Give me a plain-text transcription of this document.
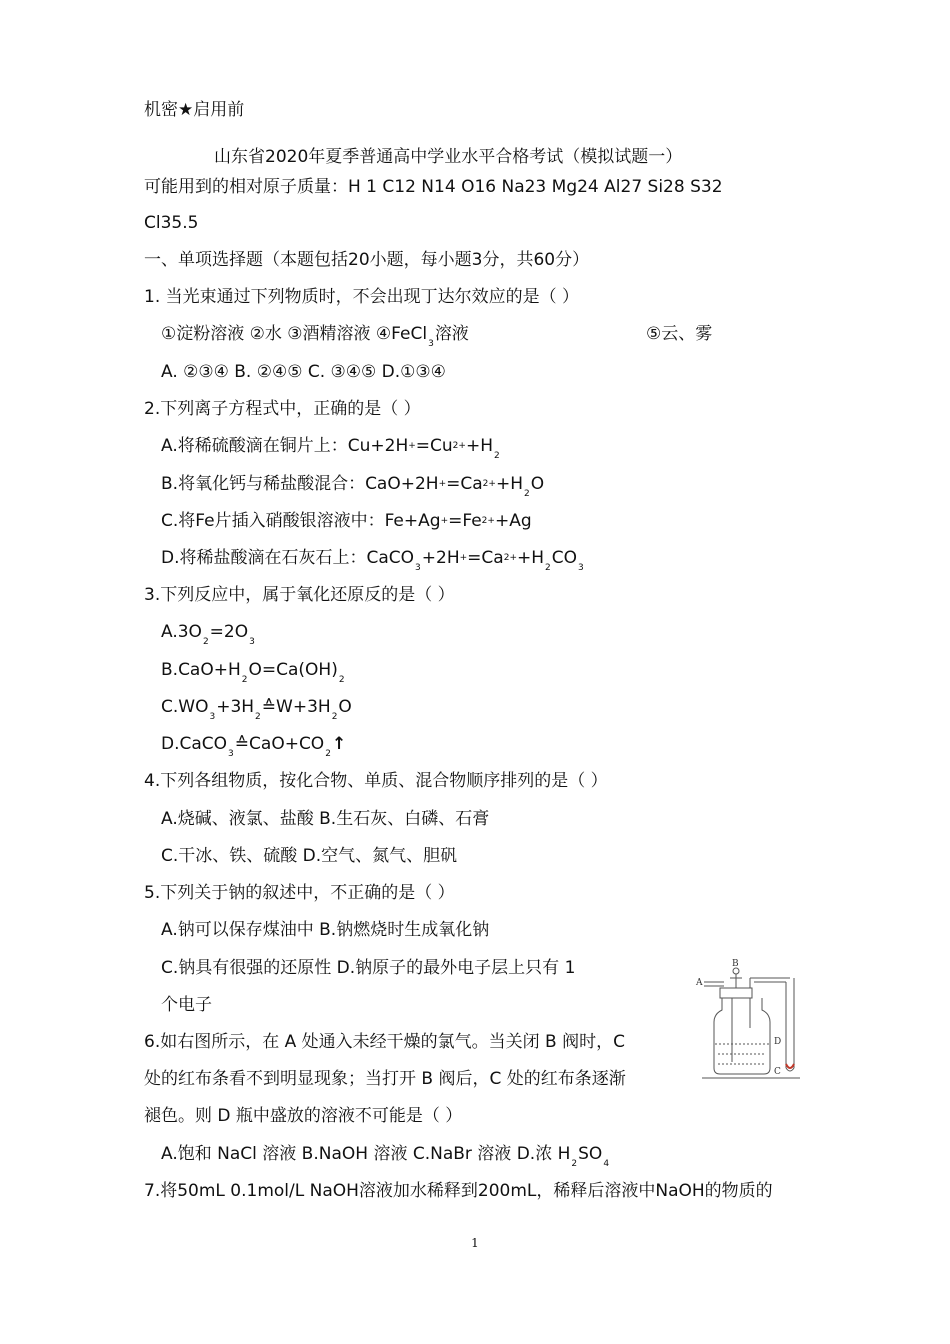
机密★启用前
山东省2020年夏季普通高中学业水平合格考试（模拟试题一）
可能用到的相对原子质量：H 1 C12 N14 O16 Na23 Mg24 Al27 Si28 S32
Cl35.5
一、单项选择题（本题包括20小题，每小题3分，共60分）
1. 当光束通过下列物质时，不会出现丁达尔效应的是（ ）
①淀粉溶液 ②水 ③酒精溶液 ④FeCl$_3$溶液	⑤云、雾
A. ②③④ B. ②④⑤ C. ③④⑤ D.①③④
2.下列离子方程式中，正确的是（ ）
A.将稀硫酸滴在铜片上：$Cu+2H+=Cu2++H_2$
B.将氧化钙与稀盐酸混合：$CaO+2H+=Ca2++H_2O$
C.将Fe片插入硝酸银溶液中：Fe+Ag+=Fe2++Ag
D.将稀盐酸滴在石灰石上：$CaCO_3+2H+=Ca2++H_2CO_3$
3.下列反应中，属于氧化还原反的是（ ）
$A.3O_2=2O_3$
$B.CaO+H_2O=Ca(OH)_2$
$C.WO_3+3H_2≙W+3H_2O$
$D.CaCO_3≙CaO+CO_2↑$
4.下列各组物质，按化合物、单质、混合物顺序排列的是（ ）
A.烧碱、液氯、盐酸 B.生石灰、白磷、石膏
C.干冰、铁、硫酸 D.空气、氮气、胆矾
5.下列关于钠的叙述中，不正确的是（ ）
A.钠可以保存煤油中 B.钠燃烧时生成氧化钠
C.钠具有很强的还原性 D.钠原子的最外电子层上只有 1
个电子
6.如右图所示，在 A 处通入未经干燥的氯气。当关闭 B 阀时，C
处的红布条看不到明显现象；当打开 B 阀后，C 处的红布条逐渐
褪色。则 D 瓶中盛放的溶液不可能是（ ）
A.饱和 NaCl 溶液 B.NaOH 溶液 C.NaBr 溶液 D.浓 $H_2SO_4$
7.将50mL 0.1mol/L NaOH溶液加水稀释到200mL，稀释后溶液中NaOH的物质的
A
B
C
D
1
